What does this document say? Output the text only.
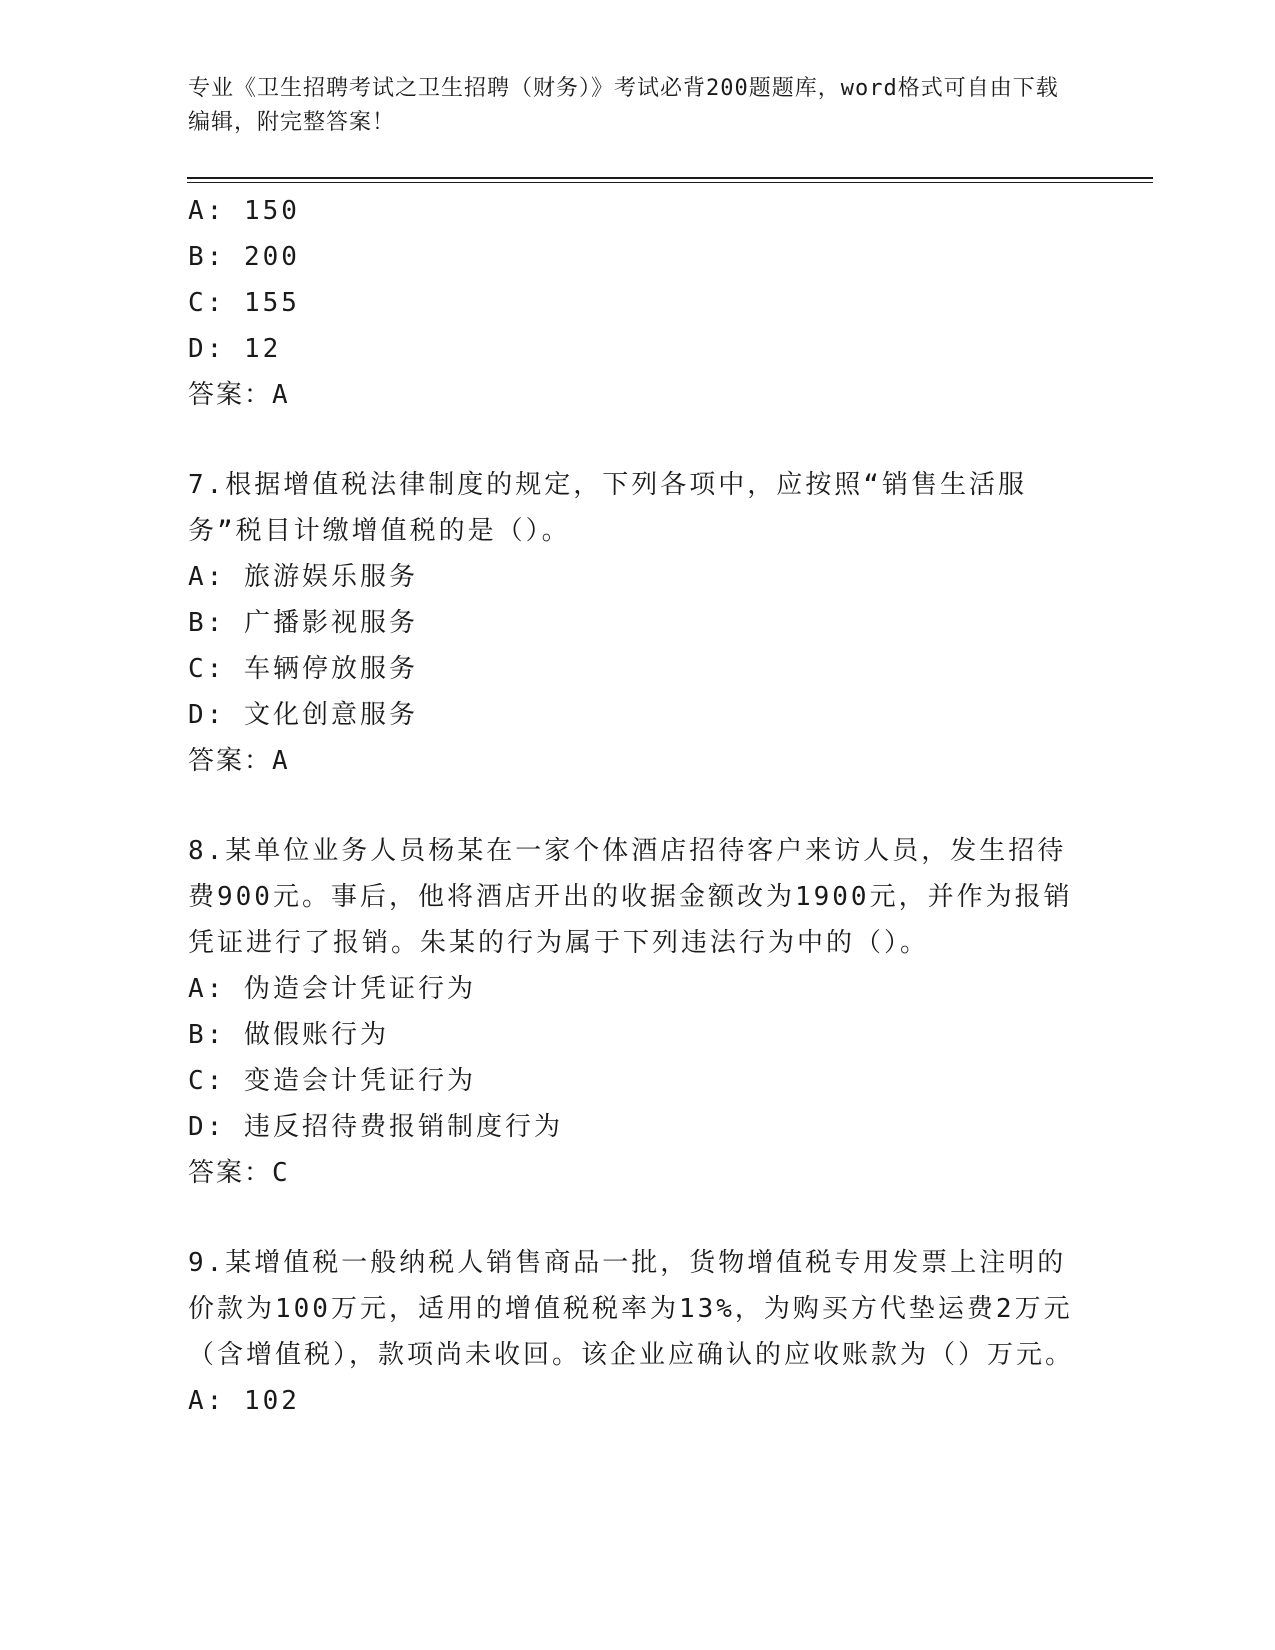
专业《卫生招聘考试之卫生招聘（财务）》考试必背200题题库，word格式可自由下载编辑，附完整答案！
A: 150
B: 200
C: 155
D: 12
答案：A
7.根据增值税法律制度的规定，下列各项中，应按照“销售生活服务”税目计缴增值税的是（）。
A: 旅游娱乐服务
B: 广播影视服务
C: 车辆停放服务
D: 文化创意服务
答案：A
8.某单位业务人员杨某在一家个体酒店招待客户来访人员，发生招待费900元。事后，他将酒店开出的收据金额改为1900元，并作为报销凭证进行了报销。朱某的行为属于下列违法行为中的（）。
A: 伪造会计凭证行为
B: 做假账行为
C: 变造会计凭证行为
D: 违反招待费报销制度行为
答案：C
9.某增值税一般纳税人销售商品一批，货物增值税专用发票上注明的价款为100万元，适用的增值税税率为13%，为购买方代垫运费2万元（含增值税），款项尚未收回。该企业应确认的应收账款为（）万元。
A: 102
